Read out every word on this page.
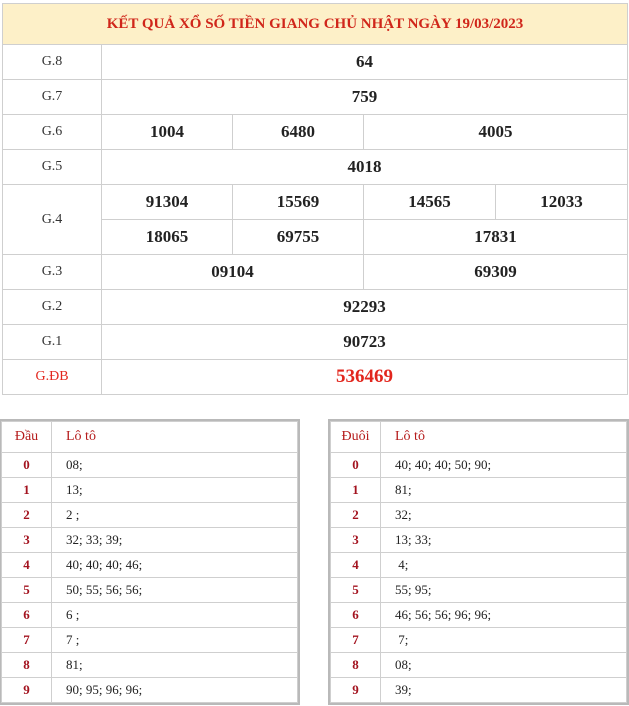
KẾT QUẢ XỔ SỐ TIỀN GIANG CHỦ NHẬT NGÀY 19/03/2023				
G.8	64			
G.7	759			
G.6	1004	6480	4005	
G.5	4018			
G.4	91304	15569	14565	12033
	18065	69755	17831	
G.3	09104		69309	
G.2	92293			
G.1	90723			
G.ĐB	536469			
Đầu	Lô tô
0	08;
1	13;
2	2 ;
3	32; 33; 39;
4	40; 40; 40; 46;
5	50; 55; 56; 56;
6	6 ;
7	7 ;
8	81;
9	90; 95; 96; 96;
Đuôi	Lô tô
0	40; 40; 40; 50; 90;
1	81;
2	32;
3	13; 33;
4	4;
5	55; 95;
6	46; 56; 56; 96; 96;
7	7;
8	08;
9	39;
